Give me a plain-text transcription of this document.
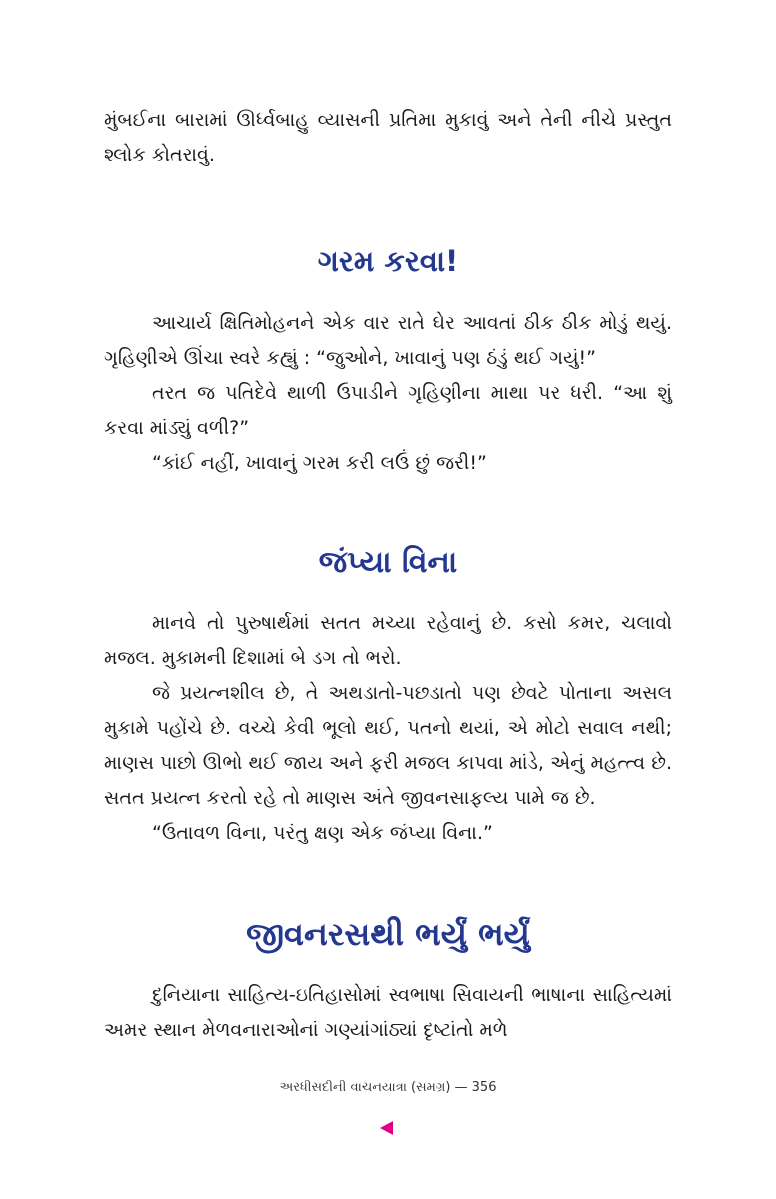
મુંબઈના બારામાં ઊર્ધ્વબાહુ વ્યાસની પ્રતિમા મુકાવું અને તેની નીચે પ્રસ્તુત શ્લોક કોતરાવું.

ગરમ કરવા!

આચાર્ય ક્ષિતિમોહનને એક વાર રાતે ઘેર આવતાં ઠીક ઠીક મોડું થયું. ગૃહિણીએ ઊંચા સ્વરે કહ્યું : “જુઓને, ખાવાનું પણ ઠંડું થઈ ગયું!”

તરત જ પતિદેવે થાળી ઉપાડીને ગૃહિણીના માથા પર ધરી. “આ શું કરવા માંડ્યું વળી?”

“કાંઈ નહીં, ખાવાનું ગરમ કરી લઉં છું જરી!”

જંપ્યા વિના

માનવે તો પુરુષાર્થમાં સતત મચ્યા રહેવાનું છે. કસો કમર, ચલાવો મજલ. મુકામની દિશામાં બે ડગ તો ભરો.

જે પ્રયત્નશીલ છે, તે અથડાતો-પછડાતો પણ છેવટે પોતાના અસલ મુકામે પહોંચે છે. વચ્ચે કેવી ભૂલો થઈ, પતનો થયાં, એ મોટો સવાલ નથી; માણસ પાછો ઊભો થઈ જાય અને ફરી મજલ કાપવા માંડે, એનું મહત્ત્વ છે. સતત પ્રયત્ન કરતો રહે તો માણસ અંતે જીવનસાફલ્ય પામે જ છે.

“ઉતાવળ વિના, પરંતુ ક્ષણ એક જંપ્યા વિના.”

જીવનરસથી ભર્યું ભર્યું

દુનિયાના સાહિત્ય-ઇતિહાસોમાં સ્વભાષા સિવાયની ભાષાના સાહિત્યમાં અમર સ્થાન મેળવનારાઓનાં ગણ્યાંગાંઠ્યાં દૃષ્ટાંતો મળે

અરધીસદીની વાચનયાત્રા (સમગ્ર) — 356
